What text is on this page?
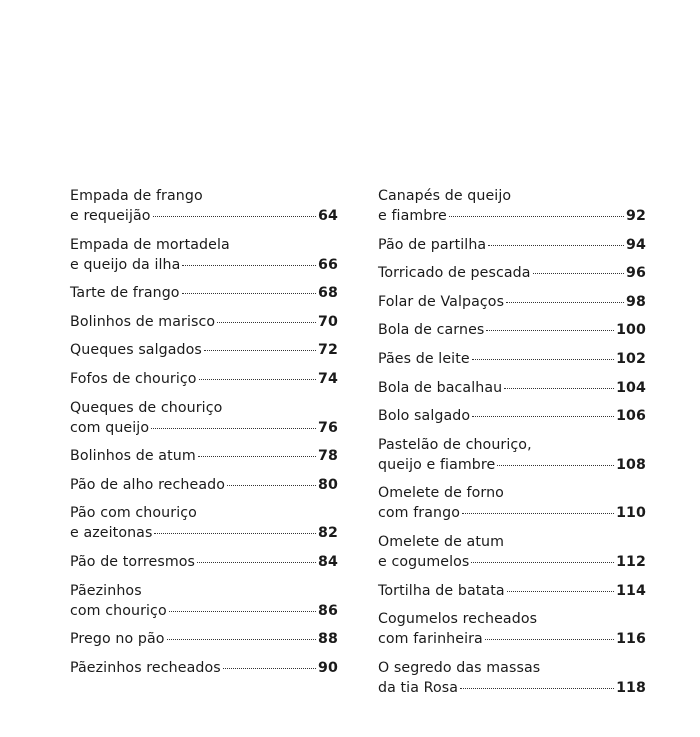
Empada de frango
e requeijão	64
Empada de mortadela
e queijo da ilha	66
Tarte de frango	68
Bolinhos de marisco	70
Queques salgados	72
Fofos de chouriço	74
Queques de chouriço
com queijo	76
Bolinhos de atum	78
Pão de alho recheado	80
Pão com chouriço
e azeitonas	82
Pão de torresmos	84
Pãezinhos
com chouriço	86
Prego no pão	88
Pãezinhos recheados	90
Canapés de queijo
e fiambre	92
Pão de partilha	94
Torricado de pescada	96
Folar de Valpaços	98
Bola de carnes	100
Pães de leite	102
Bola de bacalhau	104
Bolo salgado	106
Pastelão de chouriço,
queijo e fiambre	108
Omelete de forno
com frango	110
Omelete de atum
e cogumelos	112
Tortilha de batata	114
Cogumelos recheados
com farinheira	116
O segredo das massas
da tia Rosa	118
